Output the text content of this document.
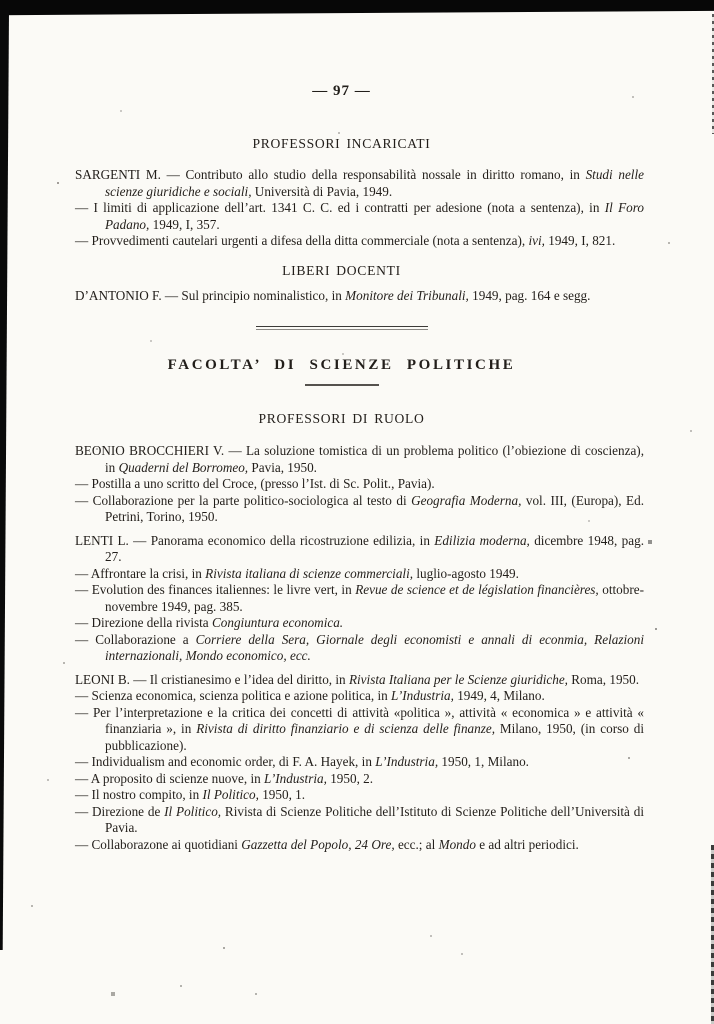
— 97 —
PROFESSORI INCARICATI

SARGENTI M. — Contributo allo studio della responsabilità nossale in diritto romano, in Studi nelle scienze giuridiche e sociali, Università di Pavia, 1949.

— I limiti di applicazione dell’art. 1341 C. C. ed i contratti per adesione (nota a sentenza), in Il Foro Padano, 1949, I, 357.

— Provvedimenti cautelari urgenti a difesa della ditta commerciale (nota a sentenza), ivi, 1949, I, 821.

LIBERI DOCENTI

D’ANTONIO F. — Sul principio nominalistico, in Monitore dei Tribunali, 1949, pag. 164 e segg.

FACOLTA’ DI SCIENZE POLITICHE
PROFESSORI DI RUOLO

BEONIO BROCCHIERI V. — La soluzione tomistica di un problema politico (l’obiezione di coscienza), in Quaderni del Borromeo, Pavia, 1950.

— Postilla a uno scritto del Croce, (presso l’Ist. di Sc. Polit., Pavia).

— Collaborazione per la parte politico-sociologica al testo di Geografia Moderna, vol. III, (Europa), Ed. Petrini, Torino, 1950.

LENTI L. — Panorama economico della ricostruzione edilizia, in Edilizia moderna, dicembre 1948, pag. 27.

— Affrontare la crisi, in Rivista italiana di scienze commerciali, luglio-agosto 1949.

— Evolution des finances italiennes: le livre vert, in Revue de science et de législation financières, ottobre-novembre 1949, pag. 385.

— Direzione della rivista Congiuntura economica.

— Collaborazione a Corriere della Sera, Giornale degli economisti e annali di econmia, Relazioni internazionali, Mondo economico, ecc.

LEONI B. — Il cristianesimo e l’idea del diritto, in Rivista Italiana per le Scienze giuridiche, Roma, 1950.

— Scienza economica, scienza politica e azione politica, in L’Industria, 1949, 4, Milano.

— Per l’interpretazione e la critica dei concetti di attività «politica », attività « economica » e attività « finanziaria », in Rivista di diritto finanziario e di scienza delle finanze, Milano, 1950, (in corso di pubblicazione).

— Individualism and economic order, di F. A. Hayek, in L’Industria, 1950, 1, Milano.

— A proposito di scienze nuove, in L’Industria, 1950, 2.

— Il nostro compito, in Il Politico, 1950, 1.

— Direzione de Il Politico, Rivista di Scienze Politiche dell’Istituto di Scienze Politiche dell’Università di Pavia.

— Collaborazone ai quotidiani Gazzetta del Popolo, 24 Ore, ecc.; al Mondo e ad altri periodici.
